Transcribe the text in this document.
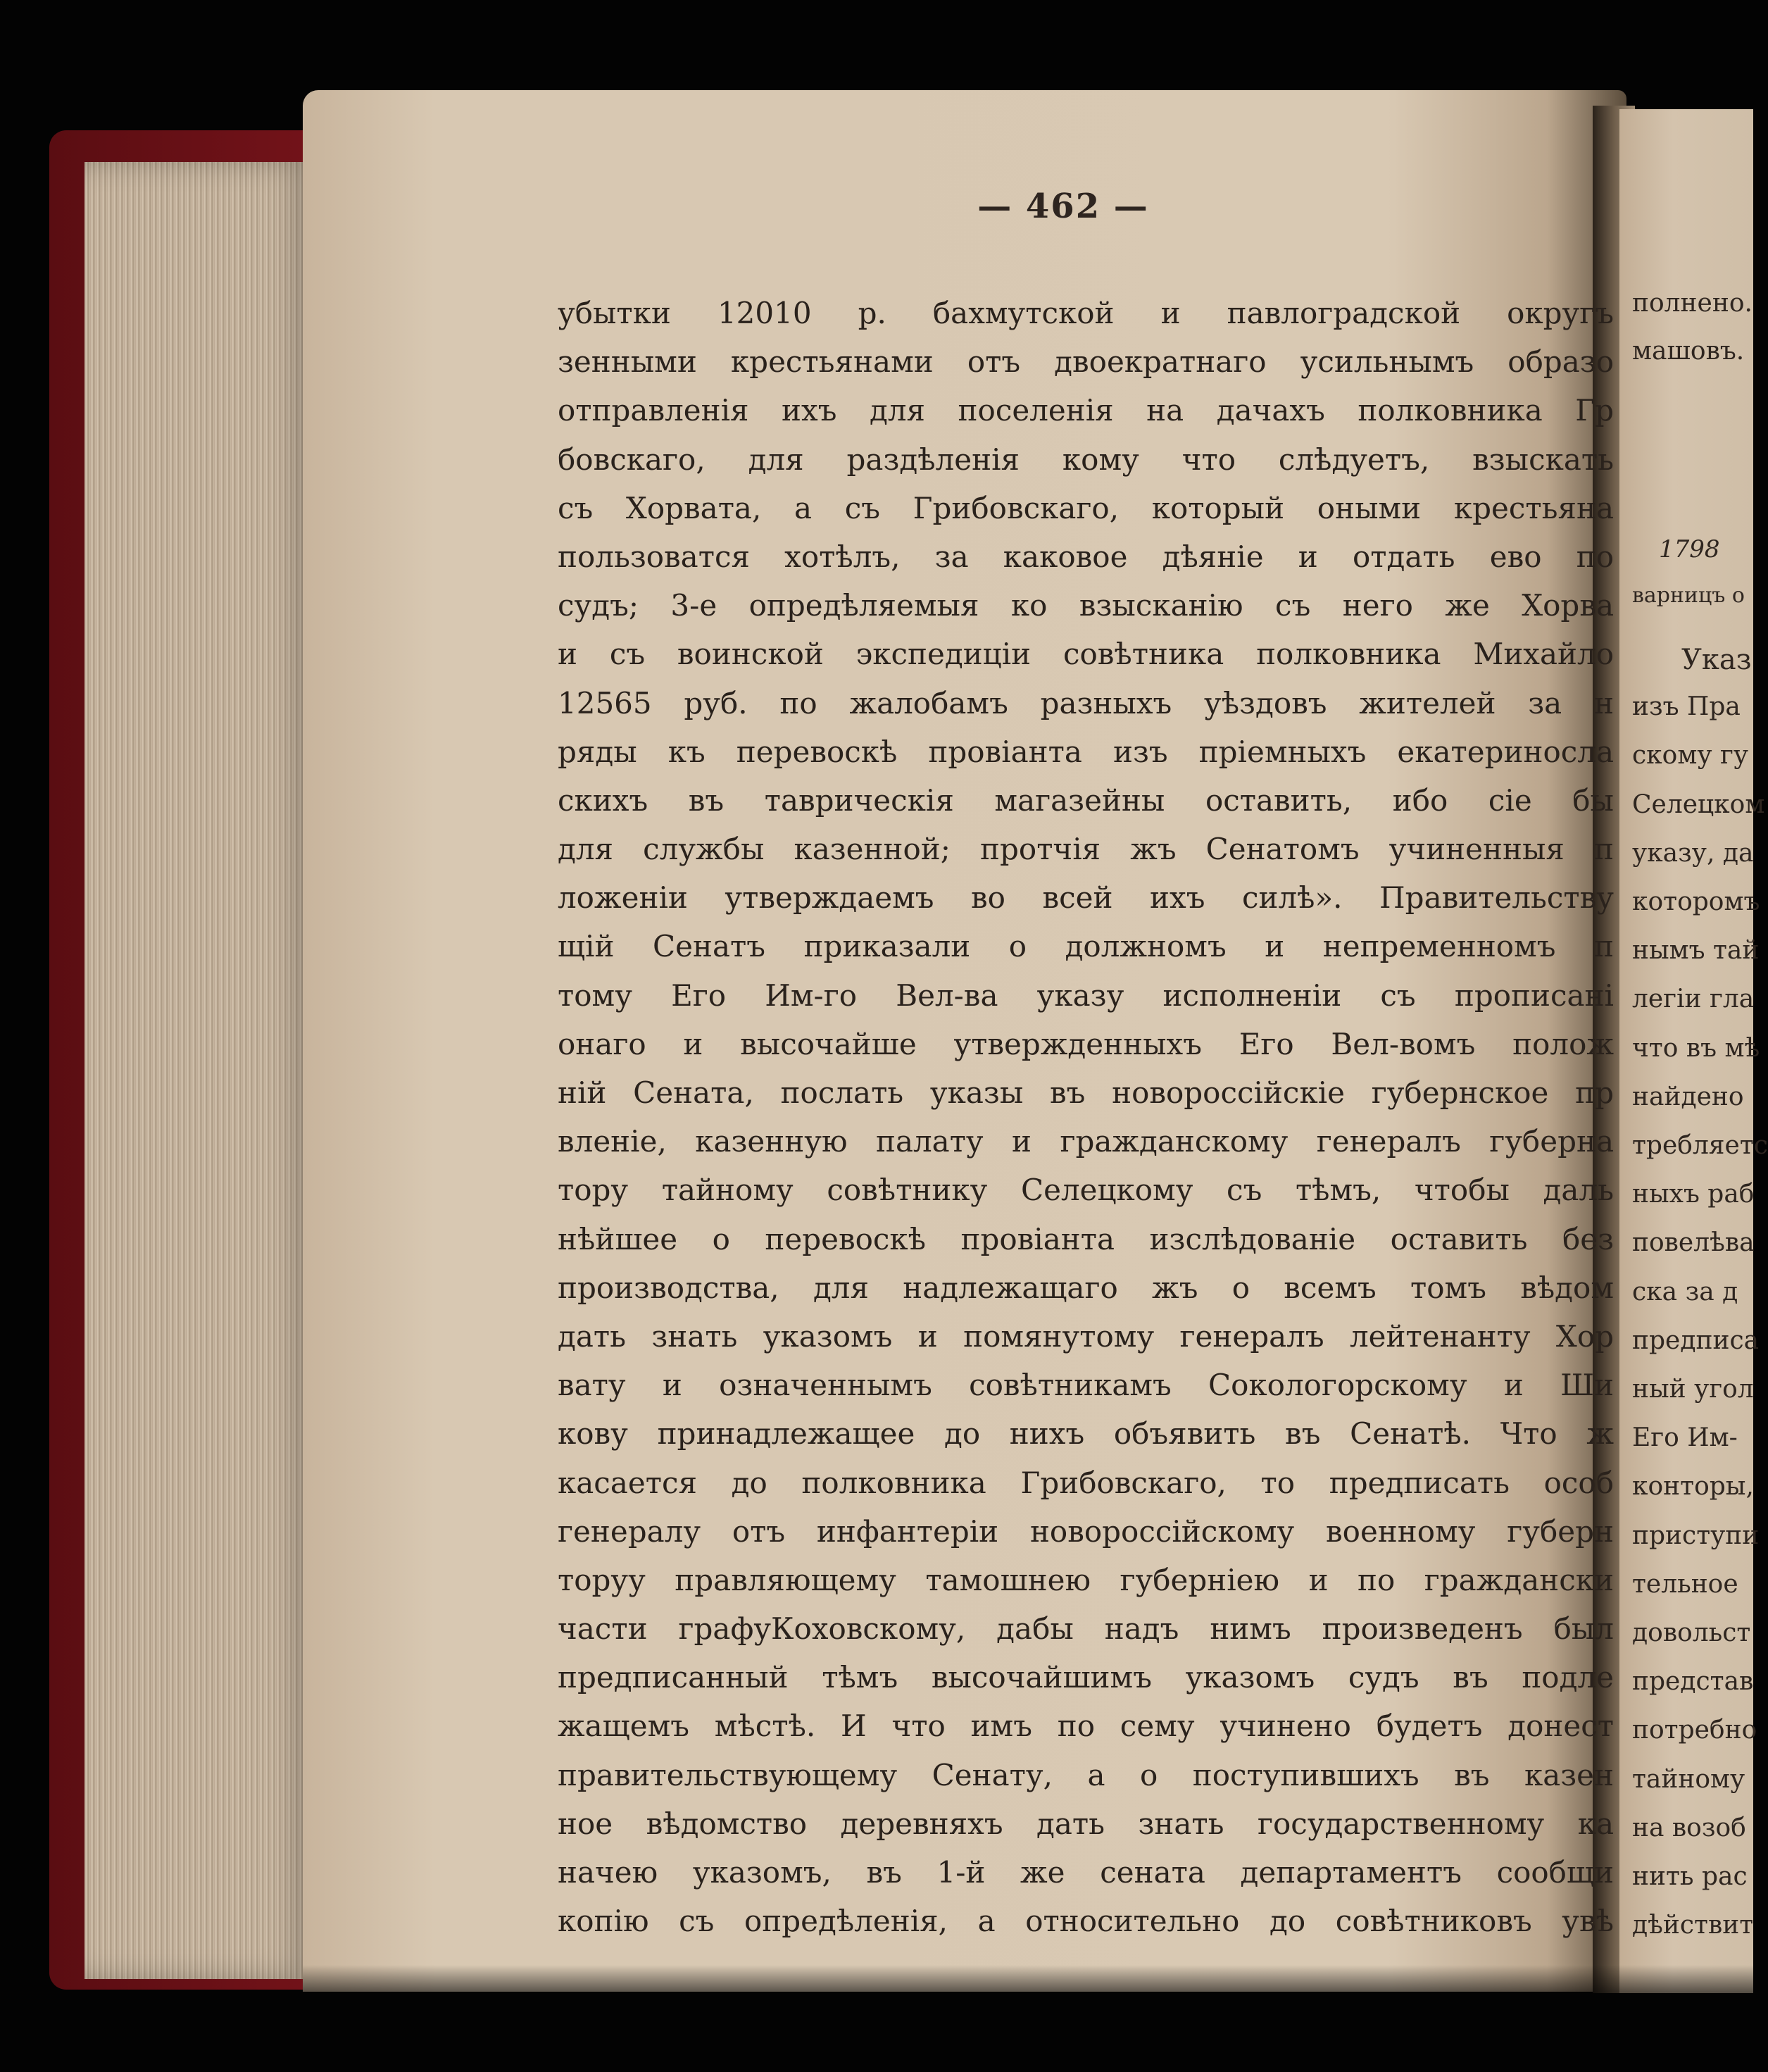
— 462 —
убытки 12010 р. бахмутской и павлоградской округъ
зенными крестьянами отъ двоекратнаго усильнымъ образо
отправленія ихъ для поселенія на дачахъ полковника Гр
бовскаго, для раздѣленія кому что слѣдуетъ, взыскать
съ Хорвата, а съ Грибовскаго, который оными крестьяна
пользоватся хотѣлъ, за каковое дѣяніе и отдать ево по
судъ; 3-е опредѣляемыя ко взысканію съ него же Хорва
и съ воинской экспедиціи совѣтника полковника Михайло
12565 руб. по жалобамъ разныхъ уѣздовъ жителей за н
ряды къ перевоскѣ провіанта изъ пріемныхъ екатериносла
скихъ въ таврическія магазейны оставить, ибо сіе бы
для службы казенной; протчія жъ Сенатомъ учиненныя п
ложеніи утверждаемъ во всей ихъ силѣ». Правительству
щій Сенатъ приказали о должномъ и непременномъ п
тому Его Им-го Вел-ва указу исполненіи съ прописані
онаго и высочайше утвержденныхъ Его Вел-вомъ полож
ній Сената, послать указы въ новороссійскіе губернское пр
вленіе, казенную палату и гражданскому генералъ губерна
тору тайному совѣтнику Селецкому съ тѣмъ, чтобы даль
нѣйшее о перевоскѣ провіанта изслѣдованіе оставить без
производства, для надлежащаго жъ о всемъ томъ вѣдом
дать знать указомъ и помянутому генералъ лейтенанту Хор
вату и означеннымъ совѣтникамъ Сокологорскому и Ши
кову принадлежащее до нихъ объявить въ Сенатѣ. Что ж
касается до полковника Грибовскаго, то предписать особ
генералу отъ инфантеріи новороссійскому военному губерн
торуу правляющему тамошнею губерніею и по граждански
части графуКоховскому, дабы надъ нимъ произведенъ был
предписанный тѣмъ высочайшимъ указомъ судъ въ подле
жащемъ мѣстѣ. И что имъ по сему учинено будетъ донест
правительствующему Сенату, а о поступившихъ въ казен
ное вѣдомство деревняхъ дать знать государственному ка
начею указомъ, въ 1-й же сената департаментъ сообщи
копію съ опредѣленія, а относительно до совѣтниковъ увѣ
полнено.
машовъ.
1798
варницъ о
Указ
изъ Пра
скому гу
Селецком
указу, да
которомъ
нымъ тай
легіи гла
что въ мѣ
найдено
требляетс
ныхъ раб
повелѣва
ска за д
предписа
ный угол
Его Им-
конторы,
приступи
тельное
довольст
представ
потребно
тайному
на возоб
нить рас
дѣйствит
